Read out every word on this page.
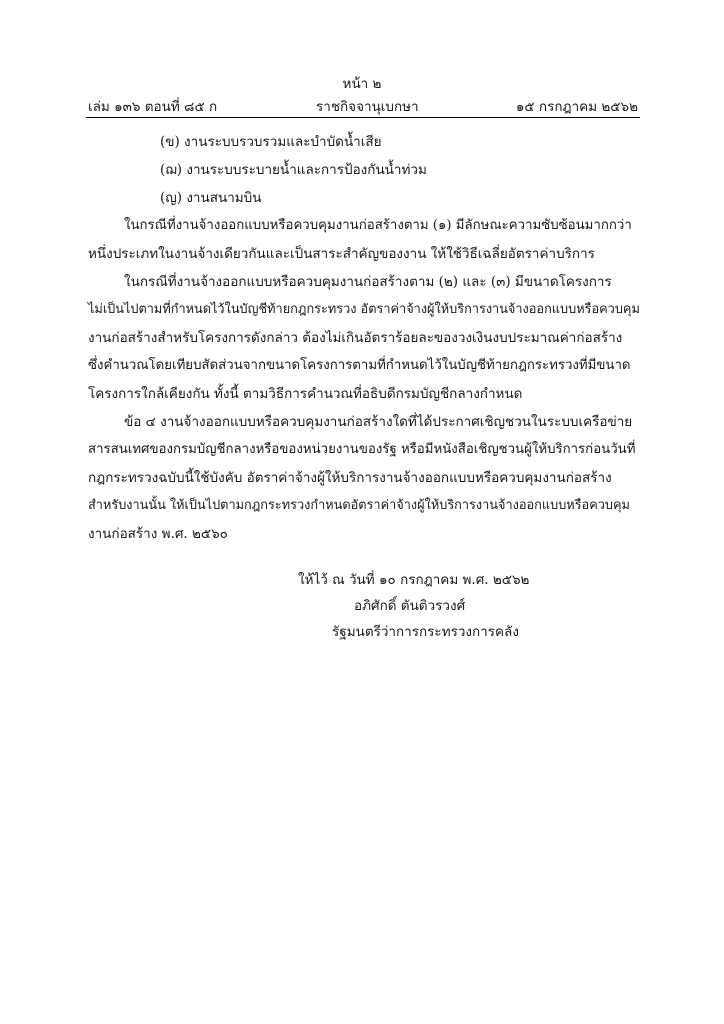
หน้า ๒
เล่ม ๑๓๖ ตอนที่ ๘๕ ก	ราชกิจจานุเบกษา	๑๕ กรกฎาคม ๒๕๖๒
(ข) งานระบบรวบรวมและบำบัดน้ำเสีย
(ฌ) งานระบบระบายน้ำและการป้องกันน้ำท่วม
(ญ) งานสนามบิน
ในกรณีที่งานจ้างออกแบบหรือควบคุมงานก่อสร้างตาม (๑) มีลักษณะความซับซ้อนมากกว่า
หนึ่งประเภทในงานจ้างเดียวกันและเป็นสาระสำคัญของงาน ให้ใช้วิธีเฉลี่ยอัตราค่าบริการ
ในกรณีที่งานจ้างออกแบบหรือควบคุมงานก่อสร้างตาม (๒) และ (๓) มีขนาดโครงการ
ไม่เป็นไปตามที่กำหนดไว้ในบัญชีท้ายกฎกระทรวง อัตราค่าจ้างผู้ให้บริการงานจ้างออกแบบหรือควบคุม
งานก่อสร้างสำหรับโครงการดังกล่าว ต้องไม่เกินอัตราร้อยละของวงเงินงบประมาณค่าก่อสร้าง
ซึ่งคำนวณโดยเทียบสัดส่วนจากขนาดโครงการตามที่กำหนดไว้ในบัญชีท้ายกฎกระทรวงที่มีขนาด
โครงการใกล้เคียงกัน ทั้งนี้ ตามวิธีการคำนวณที่อธิบดีกรมบัญชีกลางกำหนด
ข้อ ๔ งานจ้างออกแบบหรือควบคุมงานก่อสร้างใดที่ได้ประกาศเชิญชวนในระบบเครือข่าย
สารสนเทศของกรมบัญชีกลางหรือของหน่วยงานของรัฐ หรือมีหนังสือเชิญชวนผู้ให้บริการก่อนวันที่
กฎกระทรวงฉบับนี้ใช้บังคับ อัตราค่าจ้างผู้ให้บริการงานจ้างออกแบบหรือควบคุมงานก่อสร้าง
สำหรับงานนั้น ให้เป็นไปตามกฎกระทรวงกำหนดอัตราค่าจ้างผู้ให้บริการงานจ้างออกแบบหรือควบคุม
งานก่อสร้าง พ.ศ. ๒๕๖๐
ให้ไว้ ณ วันที่ ๑๐ กรกฎาคม พ.ศ. ๒๕๖๒
อภิศักดิ์ ตันติวรวงศ์
รัฐมนตรีว่าการกระทรวงการคลัง
